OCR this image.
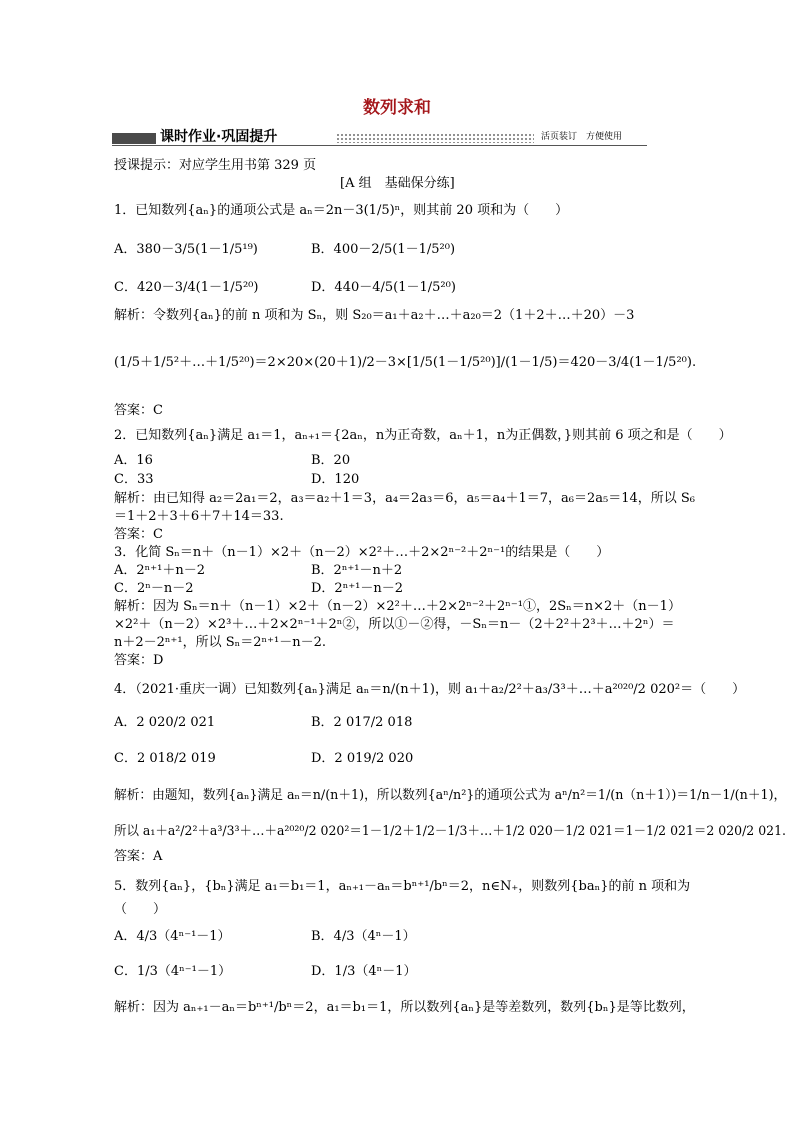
数列求和
课时作业·巩固提升	活页装订　方便使用
授课提示：对应学生用书第 329 页
[A 组　基础保分练]
1．已知数列{aₙ}的通项公式是 aₙ＝2n－3(1/5)ⁿ，则其前 20 项和为（　　）
A．380－3/5(1－1/5¹⁹)	B．400－2/5(1－1/5²⁰)
C．420－3/4(1－1/5²⁰)	D．440－4/5(1－1/5²⁰)
解析：令数列{aₙ}的前 n 项和为 Sₙ，则 S₂₀＝a₁＋a₂＋…＋a₂₀＝2（1＋2＋…＋20）－3
(1/5＋1/5²＋…＋1/5²⁰)＝2×20×(20＋1)/2－3×[1/5(1－1/5²⁰)]/(1－1/5)＝420－3/4(1－1/5²⁰).
答案：C
2．已知数列{aₙ}满足 a₁＝1，aₙ₊₁＝{2aₙ，n为正奇数，aₙ＋1，n为正偶数，}则其前 6 项之和是（　　）
A．16	B．20
C．33	D．120
解析：由已知得 a₂＝2a₁＝2，a₃＝a₂＋1＝3，a₄＝2a₃＝6，a₅＝a₄＋1＝7，a₆＝2a₅＝14，所以 S₆
＝1＋2＋3＋6＋7＋14＝33.
答案：C
3．化简 Sₙ＝n＋（n－1）×2＋（n－2）×2²＋…＋2×2ⁿ⁻²＋2ⁿ⁻¹的结果是（　　）
A．2ⁿ⁺¹＋n－2	B．2ⁿ⁺¹－n＋2
C．2ⁿ－n－2	D．2ⁿ⁺¹－n－2
解析：因为 Sₙ＝n＋（n－1）×2＋（n－2）×2²＋…＋2×2ⁿ⁻²＋2ⁿ⁻¹①，2Sₙ＝n×2＋（n－1）
×2²＋（n－2）×2³＋…＋2×2ⁿ⁻¹＋2ⁿ②，所以①－②得，－Sₙ＝n－（2＋2²＋2³＋…＋2ⁿ）＝
n＋2－2ⁿ⁺¹，所以 Sₙ＝2ⁿ⁺¹－n－2.
答案：D
4．（2021·重庆一调）已知数列{aₙ}满足 aₙ＝n/(n＋1)，则 a₁＋a₂/2²＋a₃/3³＋…＋a²⁰²⁰/2 020²＝（　　）
A．2 020/2 021	B．2 017/2 018
C．2 018/2 019	D．2 019/2 020
解析：由题知，数列{aₙ}满足 aₙ＝n/(n＋1)，所以数列{aⁿ/n²}的通项公式为 aⁿ/n²＝1/(n（n＋1）)＝1/n－1/(n＋1)，
所以 a₁＋a²/2²＋a³/3³＋…＋a²⁰²⁰/2 020²＝1－1/2＋1/2－1/3＋…＋1/2 020－1/2 021＝1－1/2 021＝2 020/2 021.
答案：A
5．数列{aₙ}，{bₙ}满足 a₁＝b₁＝1，aₙ₊₁－aₙ＝bⁿ⁺¹/bⁿ＝2，n∈N₊，则数列{baₙ}的前 n 项和为
（　　）
A．4/3（4ⁿ⁻¹－1）	B．4/3（4ⁿ－1）
C．1/3（4ⁿ⁻¹－1）	D．1/3（4ⁿ－1）
解析：因为 aₙ₊₁－aₙ＝bⁿ⁺¹/bⁿ＝2，a₁＝b₁＝1，所以数列{aₙ}是等差数列，数列{bₙ}是等比数列，
